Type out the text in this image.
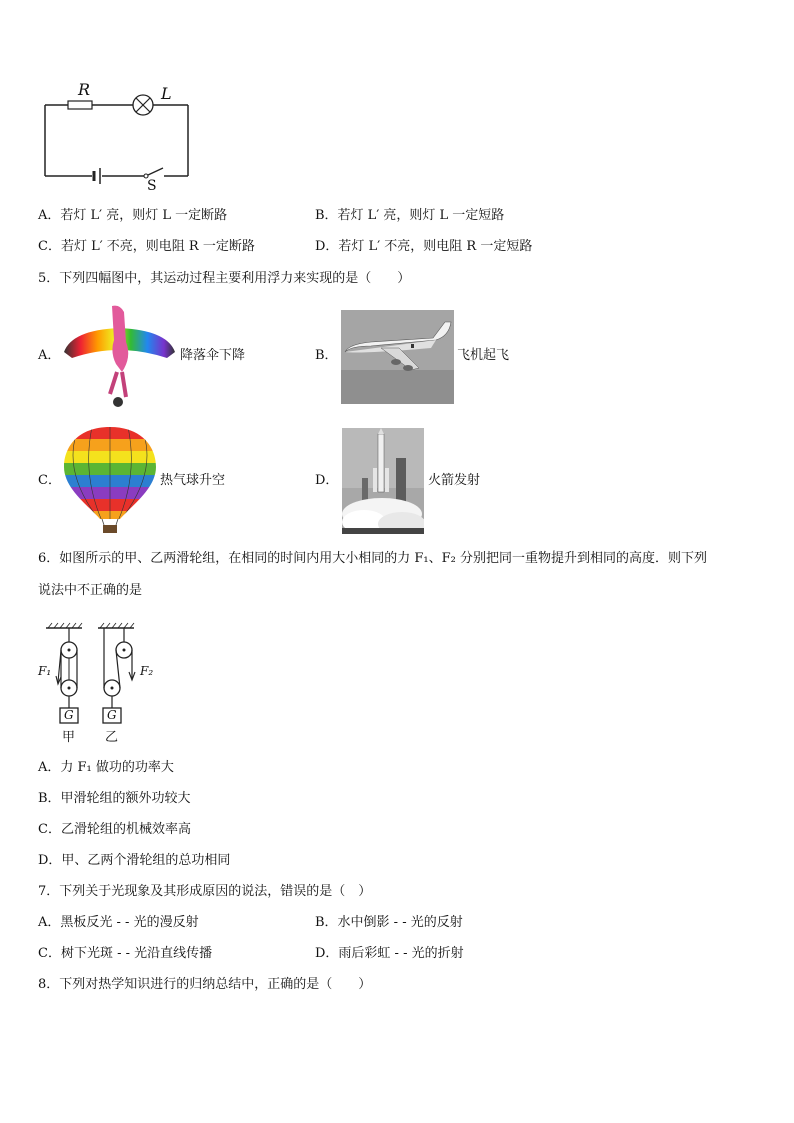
R	L
S
A．若灯 L′ 亮，则灯 L 一定断路	B．若灯 L′ 亮，则灯 L 一定短路
C．若灯 L′ 不亮，则电阻 R 一定断路	D．若灯 L′ 不亮，则电阻 R 一定短路
5．下列四幅图中，其运动过程主要利用浮力来实现的是（　　）
A．	降落伞下降	B．	飞机起飞
C．	热气球升空	D．	火箭发射
6．如图所示的甲、乙两滑轮组，在相同的时间内用大小相同的力 F₁、F₂ 分别把同一重物提升到相同的高度．则下列
说法中不正确的是
F₁	F₂
G	G
甲 乙
A．力 F₁ 做功的功率大
B．甲滑轮组的额外功较大
C．乙滑轮组的机械效率高
D．甲、乙两个滑轮组的总功相同
7．下列关于光现象及其形成原因的说法，错误的是（　）
A．黑板反光 - - 光的漫反射	B．水中倒影 - - 光的反射
C．树下光斑 - - 光沿直线传播	D．雨后彩虹 - - 光的折射
8．下列对热学知识进行的归纳总结中，正确的是（　　）
